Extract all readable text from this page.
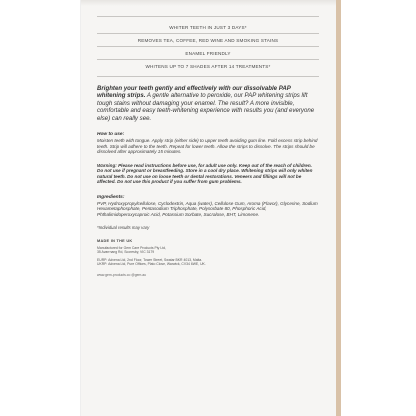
WHITER TEETH IN JUST 3 DAYS*
REMOVES TEA, COFFEE, RED WINE AND SMOKING STAINS
ENAMEL FRIENDLY
WHITENS UP TO 7 SHADES AFTER 14 TREATMENTS*
Brighten your teeth gently and effectively with our dissolvable PAP whitening strips. A gentle alternative to peroxide, our PAP whitening strips lift tough stains without damaging your enamel. The result? A more invisible, comfortable and easy teeth-whitening experience with results you (and everyone else) can really see.
How to use:
Moisten teeth with tongue. Apply strip (either side) to upper teeth avoiding gum line. Fold excess strip behind teeth. Strip will adhere to the teeth. Repeat for lower teeth. Allow the strips to dissolve. The strips should be dissolved after approximately 15 minutes.
Warning: Please read instructions before use, for adult use only. Keep out of the reach of children. Do not use if pregnant or breastfeeding. Store in a cool dry place. Whitening strips will only whiten natural teeth. Do not use on loose teeth or dental restorations. Veneers and fillings will not be affected. Do not use this product if you suffer from gum problems.
Ingredients:
PVP, Hydroxypropylcellulose, Cyclodextrin, Aqua (water), Cellulose Gum, Aroma (Flavor), Glycerine, Sodium Hexametaphosphate, Pentasodium Triphosphate, Polysorbate 80, Phosphoric Acid, Phthalimidoperoxycaproic Acid, Potassium Sorbate, Sucralose, BHT, Limonene.
*Individual results may vary
MADE IN THE UK
Manufactured for Gem Care Products Pty Ltd,
35 Avarrnang Rd, Scoresby, VIC 3179
EURP: Advena Ltd, 2nd Floor, Tower Street, Swatar BKR 4013, Malta.
UKRP: Advena Ltd, Pure Offices, Plato Close, Warwick, CV34 6WE, UK.
www.gem-products.co @gem.au
